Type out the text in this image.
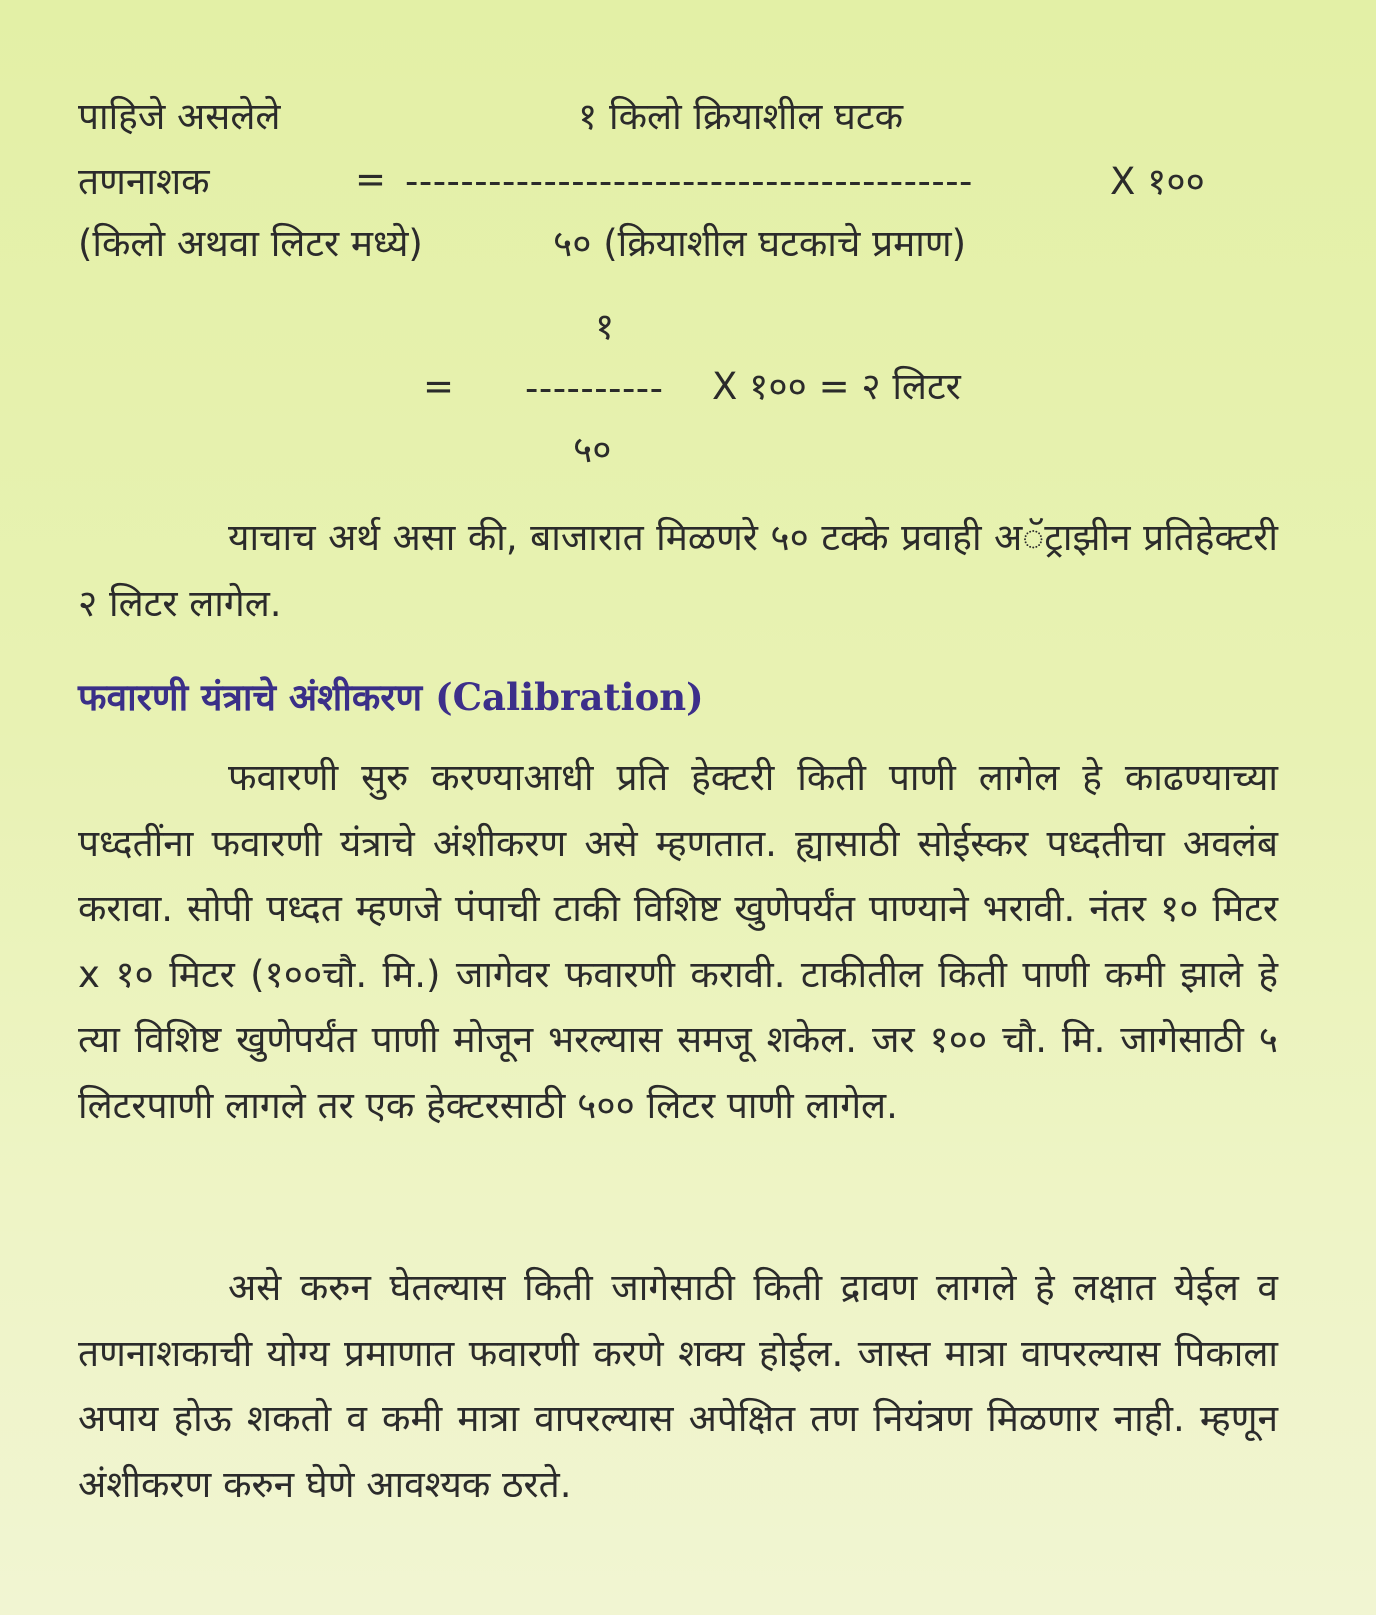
पाहिजे असलेले	१ किलो क्रियाशील घटक
तणनाशक	= -----------------------------------------	X १००
(किलो अथवा लिटर मध्ये)	५० (क्रियाशील घटकाचे प्रमाण)
१
= ---------- X १०० = २ लिटर
५०
याचाच अर्थ असा की, बाजारात मिळणरे ५० टक्के प्रवाही अॅट्राझीन प्रतिहेक्टरी २ लिटर लागेल.
फवारणी यंत्राचे अंशीकरण (Calibration)
फवारणी सुरु करण्याआधी प्रति हेक्टरी किती पाणी लागेल हे काढण्याच्या पध्दतींना फवारणी यंत्राचे अंशीकरण असे म्हणतात. ह्यासाठी सोईस्कर पध्दतीचा अवलंब करावा. सोपी पध्दत म्हणजे पंपाची टाकी विशिष्ट खुणेपर्यंत पाण्याने भरावी. नंतर १० मिटर x १० मिटर (१००चौ. मि.) जागेवर फवारणी करावी. टाकीतील किती पाणी कमी झाले हे त्या विशिष्ट खुणेपर्यंत पाणी मोजून भरल्यास समजू शकेल. जर १०० चौ. मि. जागेसाठी ५ लिटरपाणी लागले तर एक हेक्टरसाठी ५०० लिटर पाणी लागेल.
असे करुन घेतल्यास किती जागेसाठी किती द्रावण लागले हे लक्षात येईल व तणनाशकाची योग्य प्रमाणात फवारणी करणे शक्य होईल. जास्त मात्रा वापरल्यास पिकाला अपाय होऊ शकतो व कमी मात्रा वापरल्यास अपेक्षित तण नियंत्रण मिळणार नाही. म्हणून अंशीकरण करुन घेणे आवश्यक ठरते.
